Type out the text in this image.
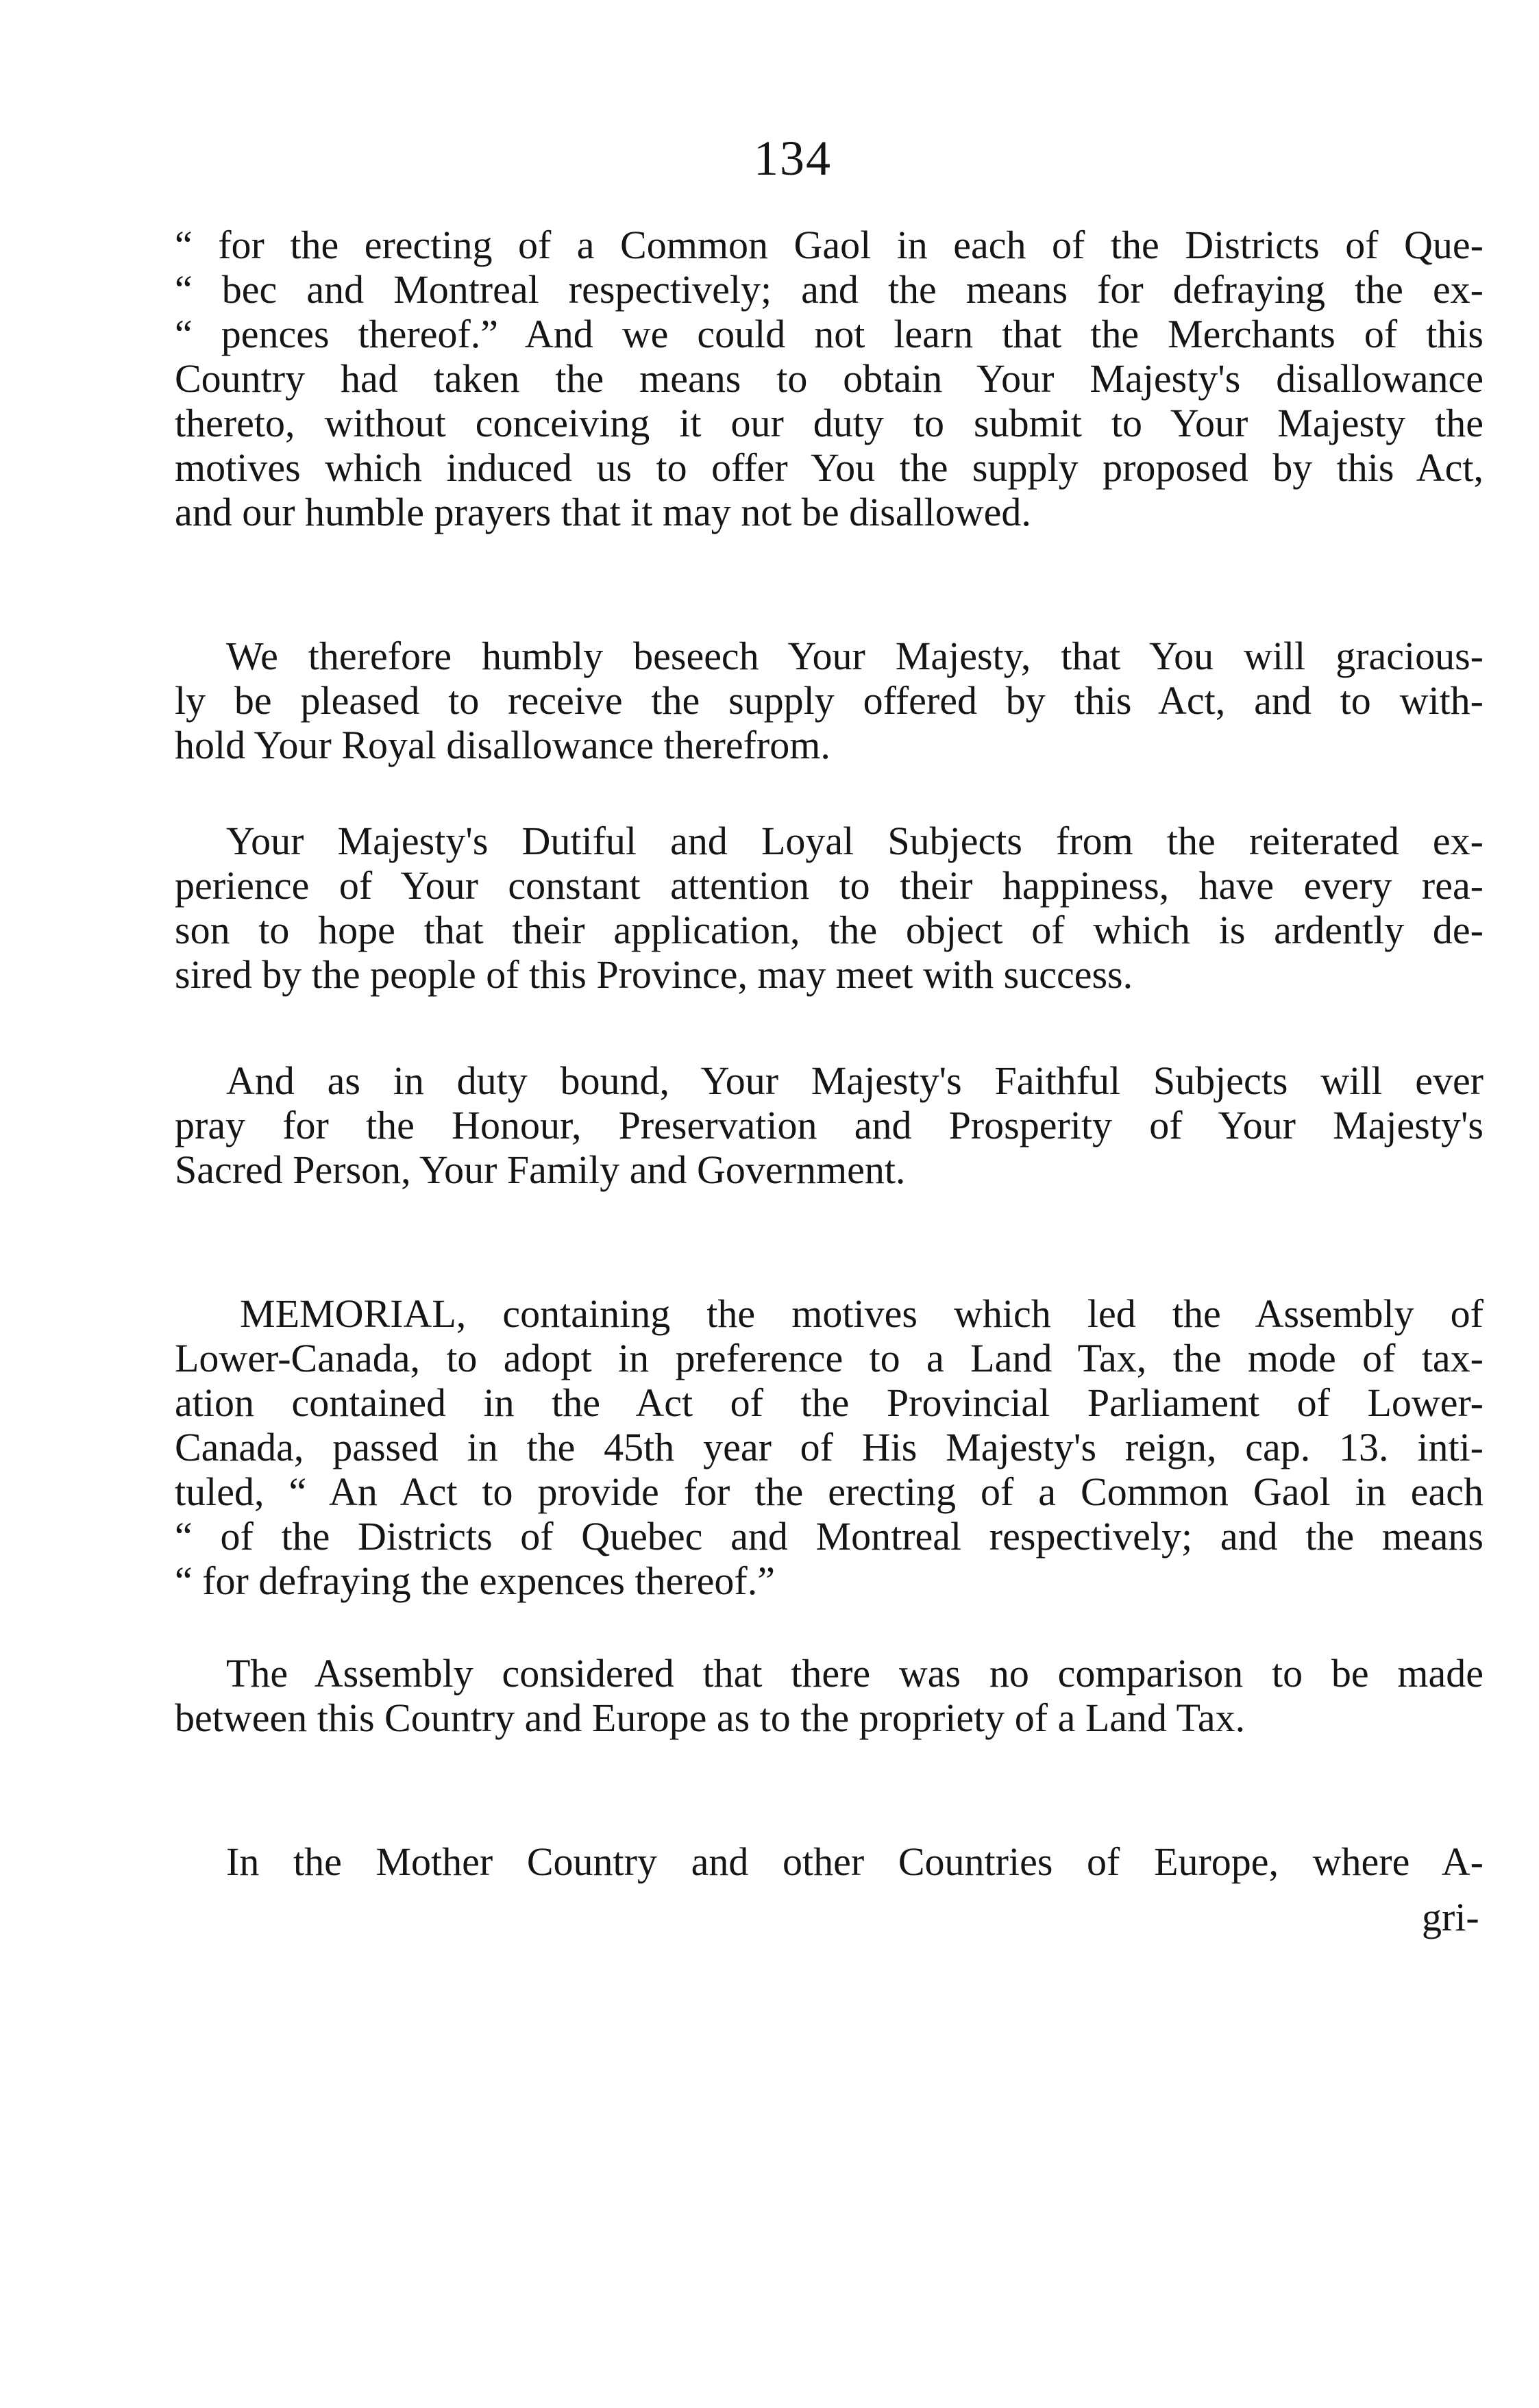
134
“ for the erecting of a Common Gaol in each of the Districts of Que-
“ bec and Montreal respectively; and the means for defraying the ex-
“ pences thereof.” And we could not learn that the Merchants of this
Country had taken the means to obtain Your Majesty's disallowance
thereto, without conceiving it our duty to submit to Your Majesty the
motives which induced us to offer You the supply proposed by this Act,
and our humble prayers that it may not be disallowed.
We therefore humbly beseech Your Majesty, that You will gracious-
ly be pleased to receive the supply offered by this Act, and to with-
hold Your Royal disallowance therefrom.
Your Majesty's Dutiful and Loyal Subjects from the reiterated ex-
perience of Your constant attention to their happiness, have every rea-
son to hope that their application, the object of which is ardently de-
sired by the people of this Province, may meet with success.
And as in duty bound, Your Majesty's Faithful Subjects will ever
pray for the Honour, Preservation and Prosperity of Your Majesty's
Sacred Person, Your Family and Government.
MEMORIAL, containing the motives which led the Assembly of
Lower-Canada, to adopt in preference to a Land Tax, the mode of tax-
ation contained in the Act of the Provincial Parliament of Lower-
Canada, passed in the 45th year of His Majesty's reign, cap. 13. inti-
tuled, “ An Act to provide for the erecting of a Common Gaol in each
“ of the Districts of Quebec and Montreal respectively; and the means
“ for defraying the expences thereof.”
The Assembly considered that there was no comparison to be made
between this Country and Europe as to the propriety of a Land Tax.
In the Mother Country and other Countries of Europe, where A-
gri-
